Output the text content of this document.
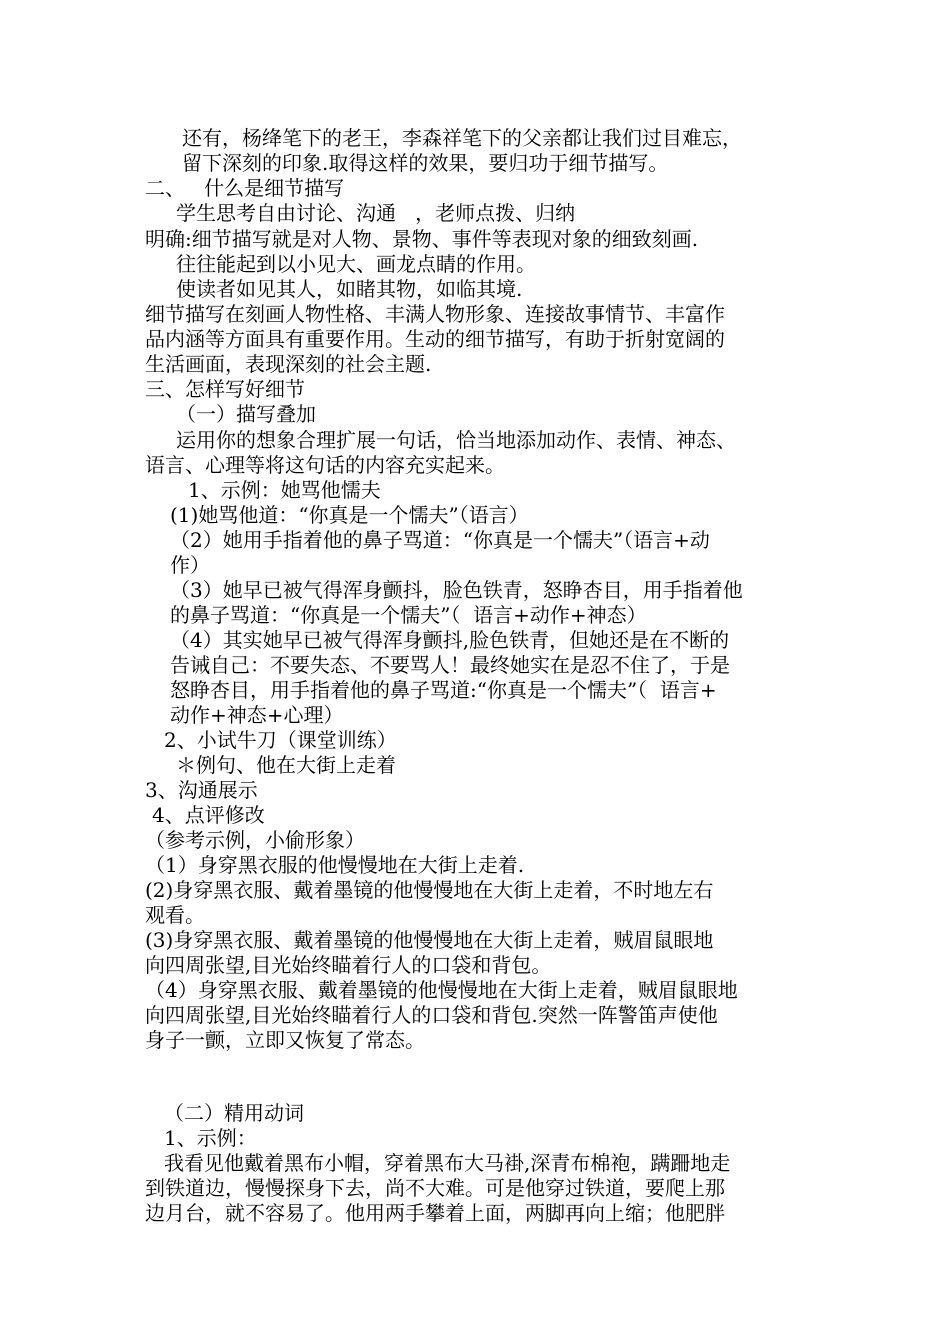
还有，杨绛笔下的老王，李森祥笔下的父亲都让我们过目难忘，
留下深刻的印象.取得这样的效果，要归功于细节描写。
二、   什么是细节描写
学生思考自由讨论、沟通   ，老师点拨、归纳
明确:细节描写就是对人物、景物、事件等表现对象的细致刻画.
往往能起到以小见大、画龙点睛的作用。
使读者如见其人，如睹其物，如临其境.
细节描写在刻画人物性格、丰满人物形象、连接故事情节、丰富作
品内涵等方面具有重要作用。生动的细节描写，有助于折射宽阔的
生活画面，表现深刻的社会主题.
三、怎样写好细节
（一）描写叠加
运用你的想象合理扩展一句话，恰当地添加动作、表情、神态、
语言、心理等将这句话的内容充实起来。
1、示例：她骂他懦夫
(1)她骂他道：“你真是一个懦夫”（语言）
（2）她用手指着他的鼻子骂道：“你真是一个懦夫”（语言+动
作）
（3）她早已被气得浑身颤抖，脸色铁青，怒睁杏目，用手指着他
的鼻子骂道：“你真是一个懦夫”（  语言+动作+神态）
（4）其实她早已被气得浑身颤抖,脸色铁青，但她还是在不断的
告诫自己：不要失态、不要骂人！最终她实在是忍不住了，于是
怒睁杏目，用手指着他的鼻子骂道:“你真是一个懦夫”（  语言+
动作+神态+心理）
2、小试牛刀（课堂训练）
＊例句、他在大街上走着
3、沟通展示
4、点评修改
（参考示例，小偷形象）
（1）身穿黑衣服的他慢慢地在大街上走着.
(2)身穿黑衣服、戴着墨镜的他慢慢地在大街上走着，不时地左右
观看。
(3)身穿黑衣服、戴着墨镜的他慢慢地在大街上走着，贼眉鼠眼地
向四周张望,目光始终瞄着行人的口袋和背包。
（4）身穿黑衣服、戴着墨镜的他慢慢地在大街上走着，贼眉鼠眼地
向四周张望,目光始终瞄着行人的口袋和背包.突然一阵警笛声使他
身子一颤，立即又恢复了常态。
（二）精用动词
1、示例：
我看见他戴着黑布小帽，穿着黑布大马褂,深青布棉袍，蹒跚地走
到铁道边，慢慢探身下去，尚不大难。可是他穿过铁道，要爬上那
边月台，就不容易了。他用两手攀着上面，两脚再向上缩；他肥胖
